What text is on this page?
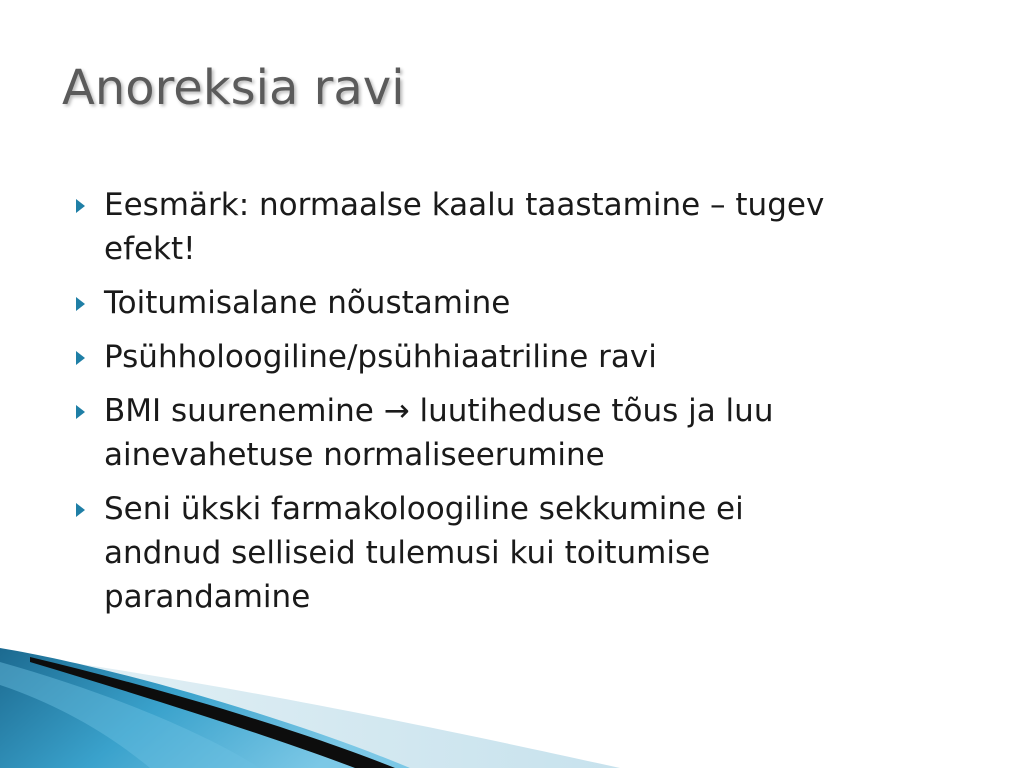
Anoreksia ravi
Eesmärk: normaalse kaalu taastamine – tugev
efekt!
Toitumisalane nõustamine
Psühholoogiline/psühhiaatriline ravi
BMI suurenemine → luutiheduse tõus ja luu
ainevahetuse normaliseerumine
Seni ükski farmakoloogiline sekkumine ei
andnud selliseid tulemusi kui toitumise
parandamine
